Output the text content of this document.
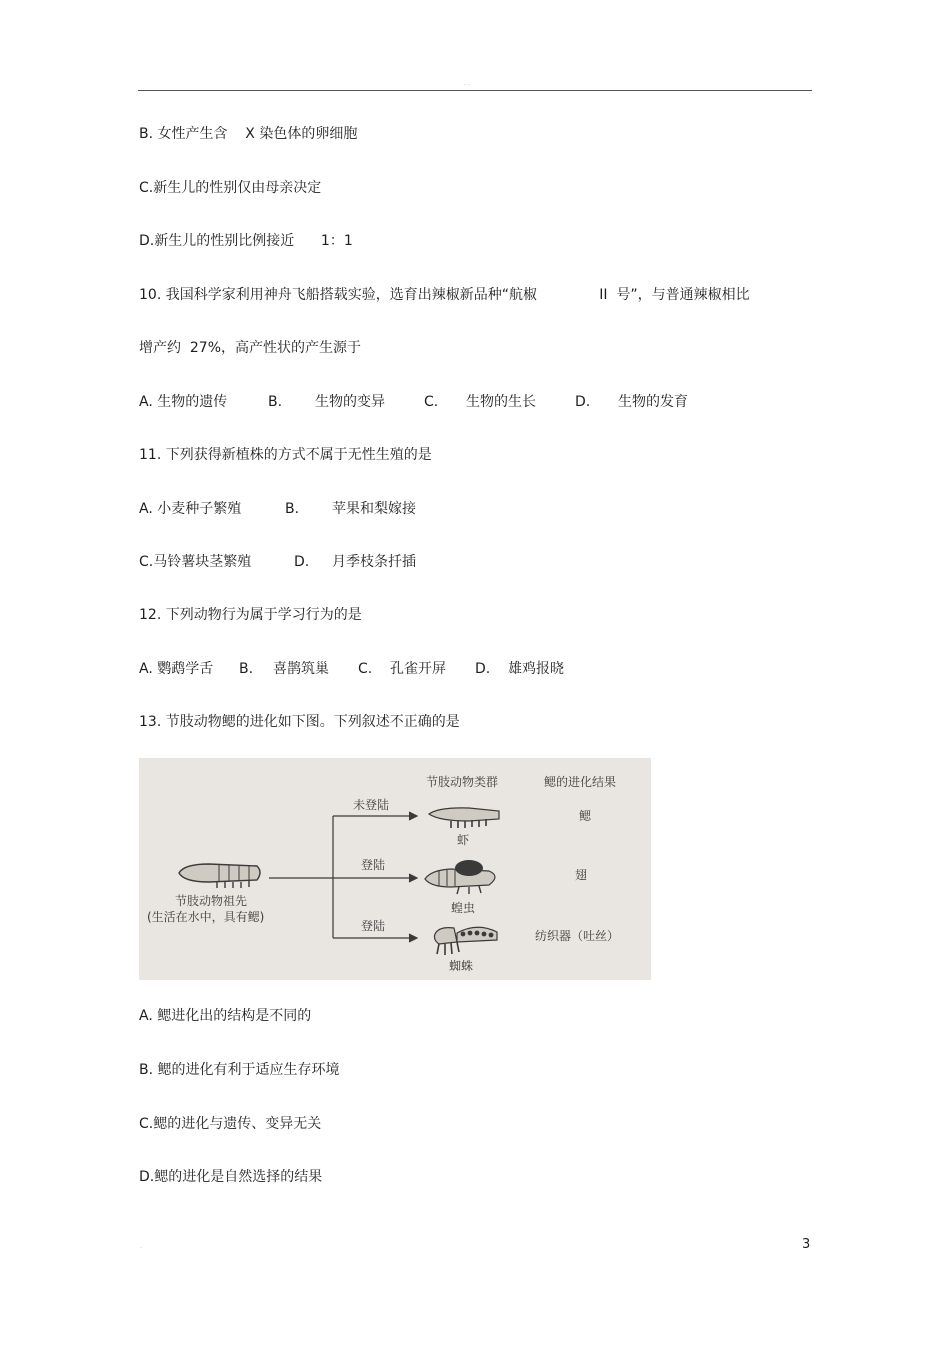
· ·
B. 女性产生含    X 染色体的卵细胞
C.新生儿的性别仅由母亲决定
D.新生儿的性别比例接近      1：1
10. 我国科学家利用神舟飞船搭载实验，选育出辣椒新品种“航椒              II  号”，与普通辣椒相比
增产约  27%，高产性状的产生源于
A. 生物的遗传	B. 生物的变异	C. 生物的生长	D. 生物的发育
11. 下列获得新植株的方式不属于无性生殖的是
A. 小麦种子繁殖	B. 苹果和梨嫁接
C.马铃薯块茎繁殖	D. 月季枝条扦插
12. 下列动物行为属于学习行为的是
A. 鹦鹉学舌 B. 喜鹊筑巢 C. 孔雀开屏 D. 雄鸡报晓
13. 节肢动物鳃的进化如下图。下列叙述不正确的是
节肢动物类群	鳃的进化结果
节肢动物祖先
(生活在水中，具有鳃)
未登陆
登陆
登陆
虾
鳃
蝗虫
翅
蜘蛛
纺织器（吐丝）
A. 鳃进化出的结构是不同的
B. 鳃的进化有利于适应生存环境
C.鳃的进化与遗传、变异无关
D.鳃的进化是自然选择的结果
3
·
